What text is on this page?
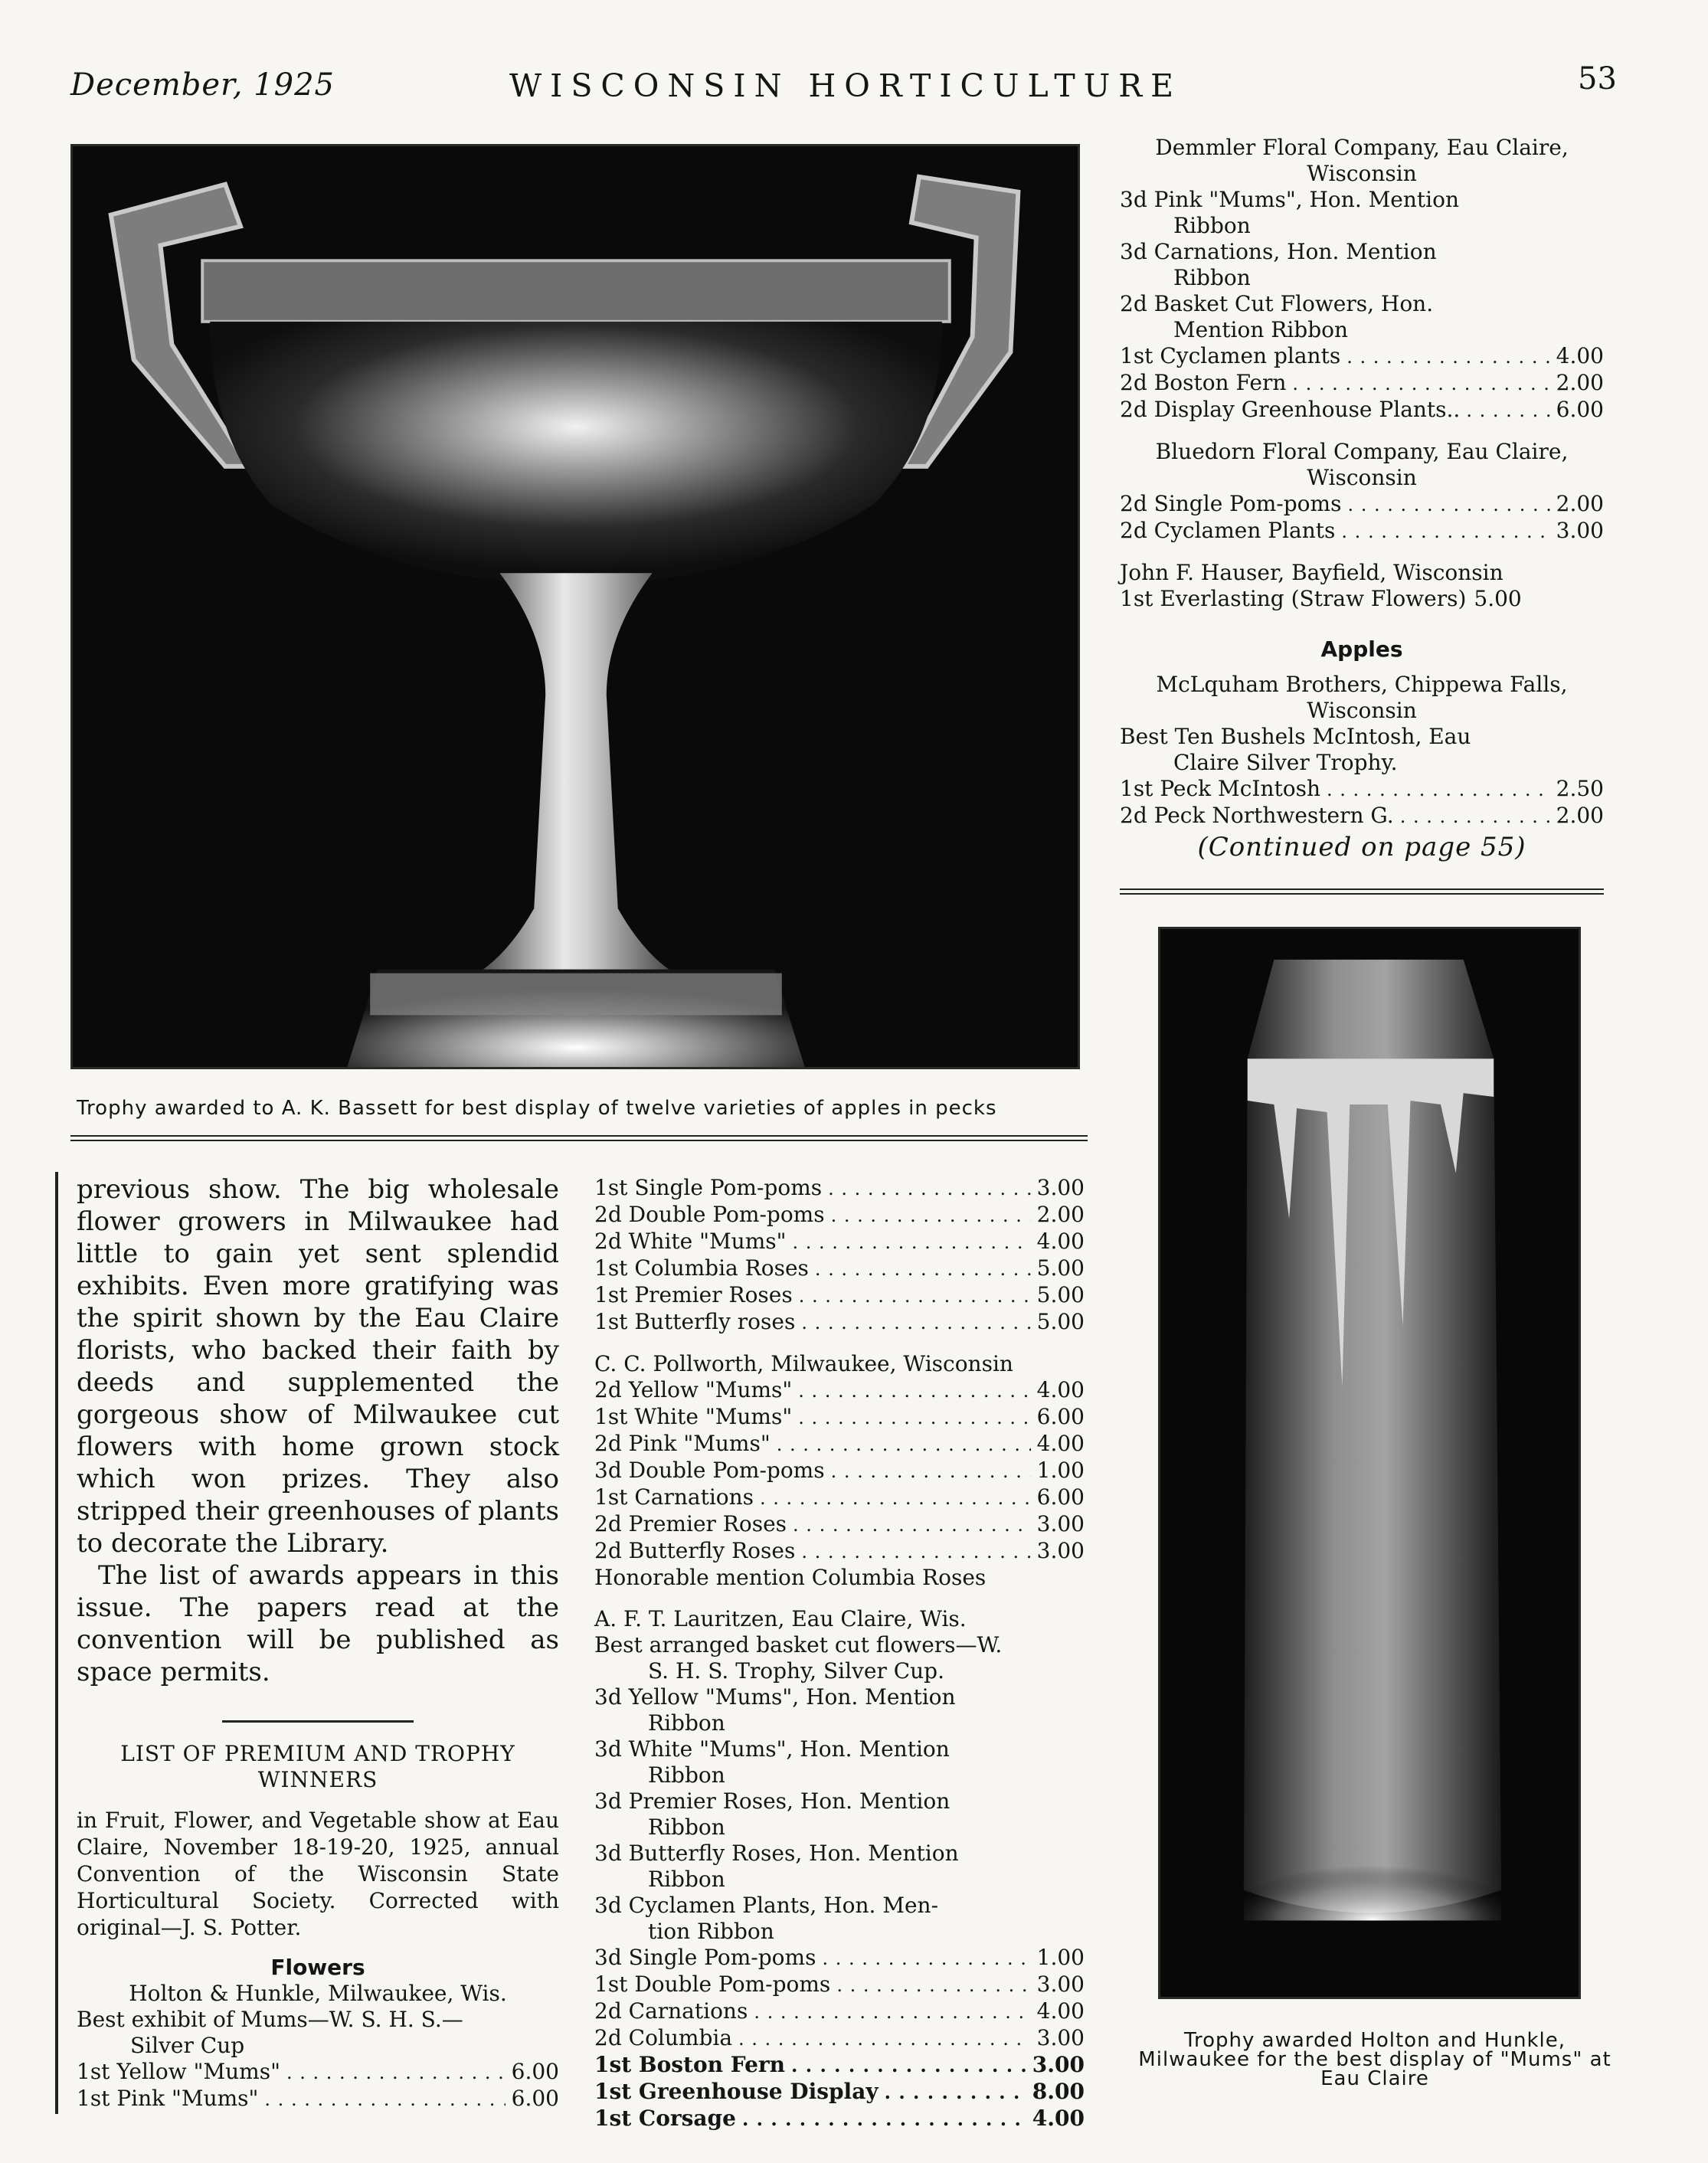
December, 1925	WISCONSIN HORTICULTURE	53
Trophy awarded to A. K. Bassett for best display of twelve varieties of apples in pecks
Demmler Floral Company, Eau Claire,
Wisconsin
3d Pink "Mums", Hon. Mention
Ribbon
3d Carnations, Hon. Mention
Ribbon
2d Basket Cut Flowers, Hon.
Mention Ribbon
1st Cyclamen plants . . .	4.00
2d Boston Fern . . .	2.00
2d Display Greenhouse Plants.. . . .	6.00
Bluedorn Floral Company, Eau Claire,
Wisconsin
2d Single Pom-poms . . .	2.00
2d Cyclamen Plants . . .	3.00
John F. Hauser, Bayfield, Wisconsin
1st Everlasting (Straw Flowers) 5.00
Apples
McLquham Brothers, Chippewa Falls,
Wisconsin
Best Ten Bushels McIntosh, Eau
Claire Silver Trophy.
1st Peck McIntosh . . .	2.50
2d Peck Northwestern G. . . .	2.00
(Continued on page 55)
Trophy awarded Holton and Hunkle, Milwaukee for the best display of "Mums" at Eau Claire
previous show. The big wholesale flower growers in Milwaukee had little to gain yet sent splendid exhibits. Even more gratifying was the spirit shown by the Eau Claire florists, who backed their faith by deeds and supplemented the gorgeous show of Milwaukee cut flowers with home grown stock which won prizes. They also stripped their greenhouses of plants to decorate the Library.
The list of awards appears in this issue. The papers read at the convention will be published as space permits.
LIST OF PREMIUM AND TROPHY
WINNERS
in Fruit, Flower, and Vegetable show at Eau Claire, November 18-19-20, 1925, annual Convention of the Wisconsin State Horticultural Society. Corrected with original—J. S. Potter.
Flowers
Holton & Hunkle, Milwaukee, Wis.
Best exhibit of Mums—W. S. H. S.—
Silver Cup
1st Yellow "Mums" . . .	6.00
1st Pink "Mums" . . .	6.00
1st Single Pom-poms . . .	3.00
2d Double Pom-poms . . .	2.00
2d White "Mums" . . .	4.00
1st Columbia Roses . . .	5.00
1st Premier Roses . . .	5.00
1st Butterfly roses . . .	5.00
C. C. Pollworth, Milwaukee, Wisconsin
2d Yellow "Mums" . . .	4.00
1st White "Mums" . . .	6.00
2d Pink "Mums" . . .	4.00
3d Double Pom-poms . . .	1.00
1st Carnations . . .	6.00
2d Premier Roses . . .	3.00
2d Butterfly Roses . . .	3.00
Honorable mention Columbia Roses
A. F. T. Lauritzen, Eau Claire, Wis.
Best arranged basket cut flowers—W.
S. H. S. Trophy, Silver Cup.
3d Yellow "Mums", Hon. Mention
Ribbon
3d White "Mums", Hon. Mention
Ribbon
3d Premier Roses, Hon. Mention
Ribbon
3d Butterfly Roses, Hon. Mention
Ribbon
3d Cyclamen Plants, Hon. Men-
tion Ribbon
3d Single Pom-poms . . .	1.00
1st Double Pom-poms . . .	3.00
2d Carnations . . .	4.00
2d Columbia . . .	3.00
1st Boston Fern . . .	3.00
1st Greenhouse Display . . .	8.00
1st Corsage . . .	4.00
